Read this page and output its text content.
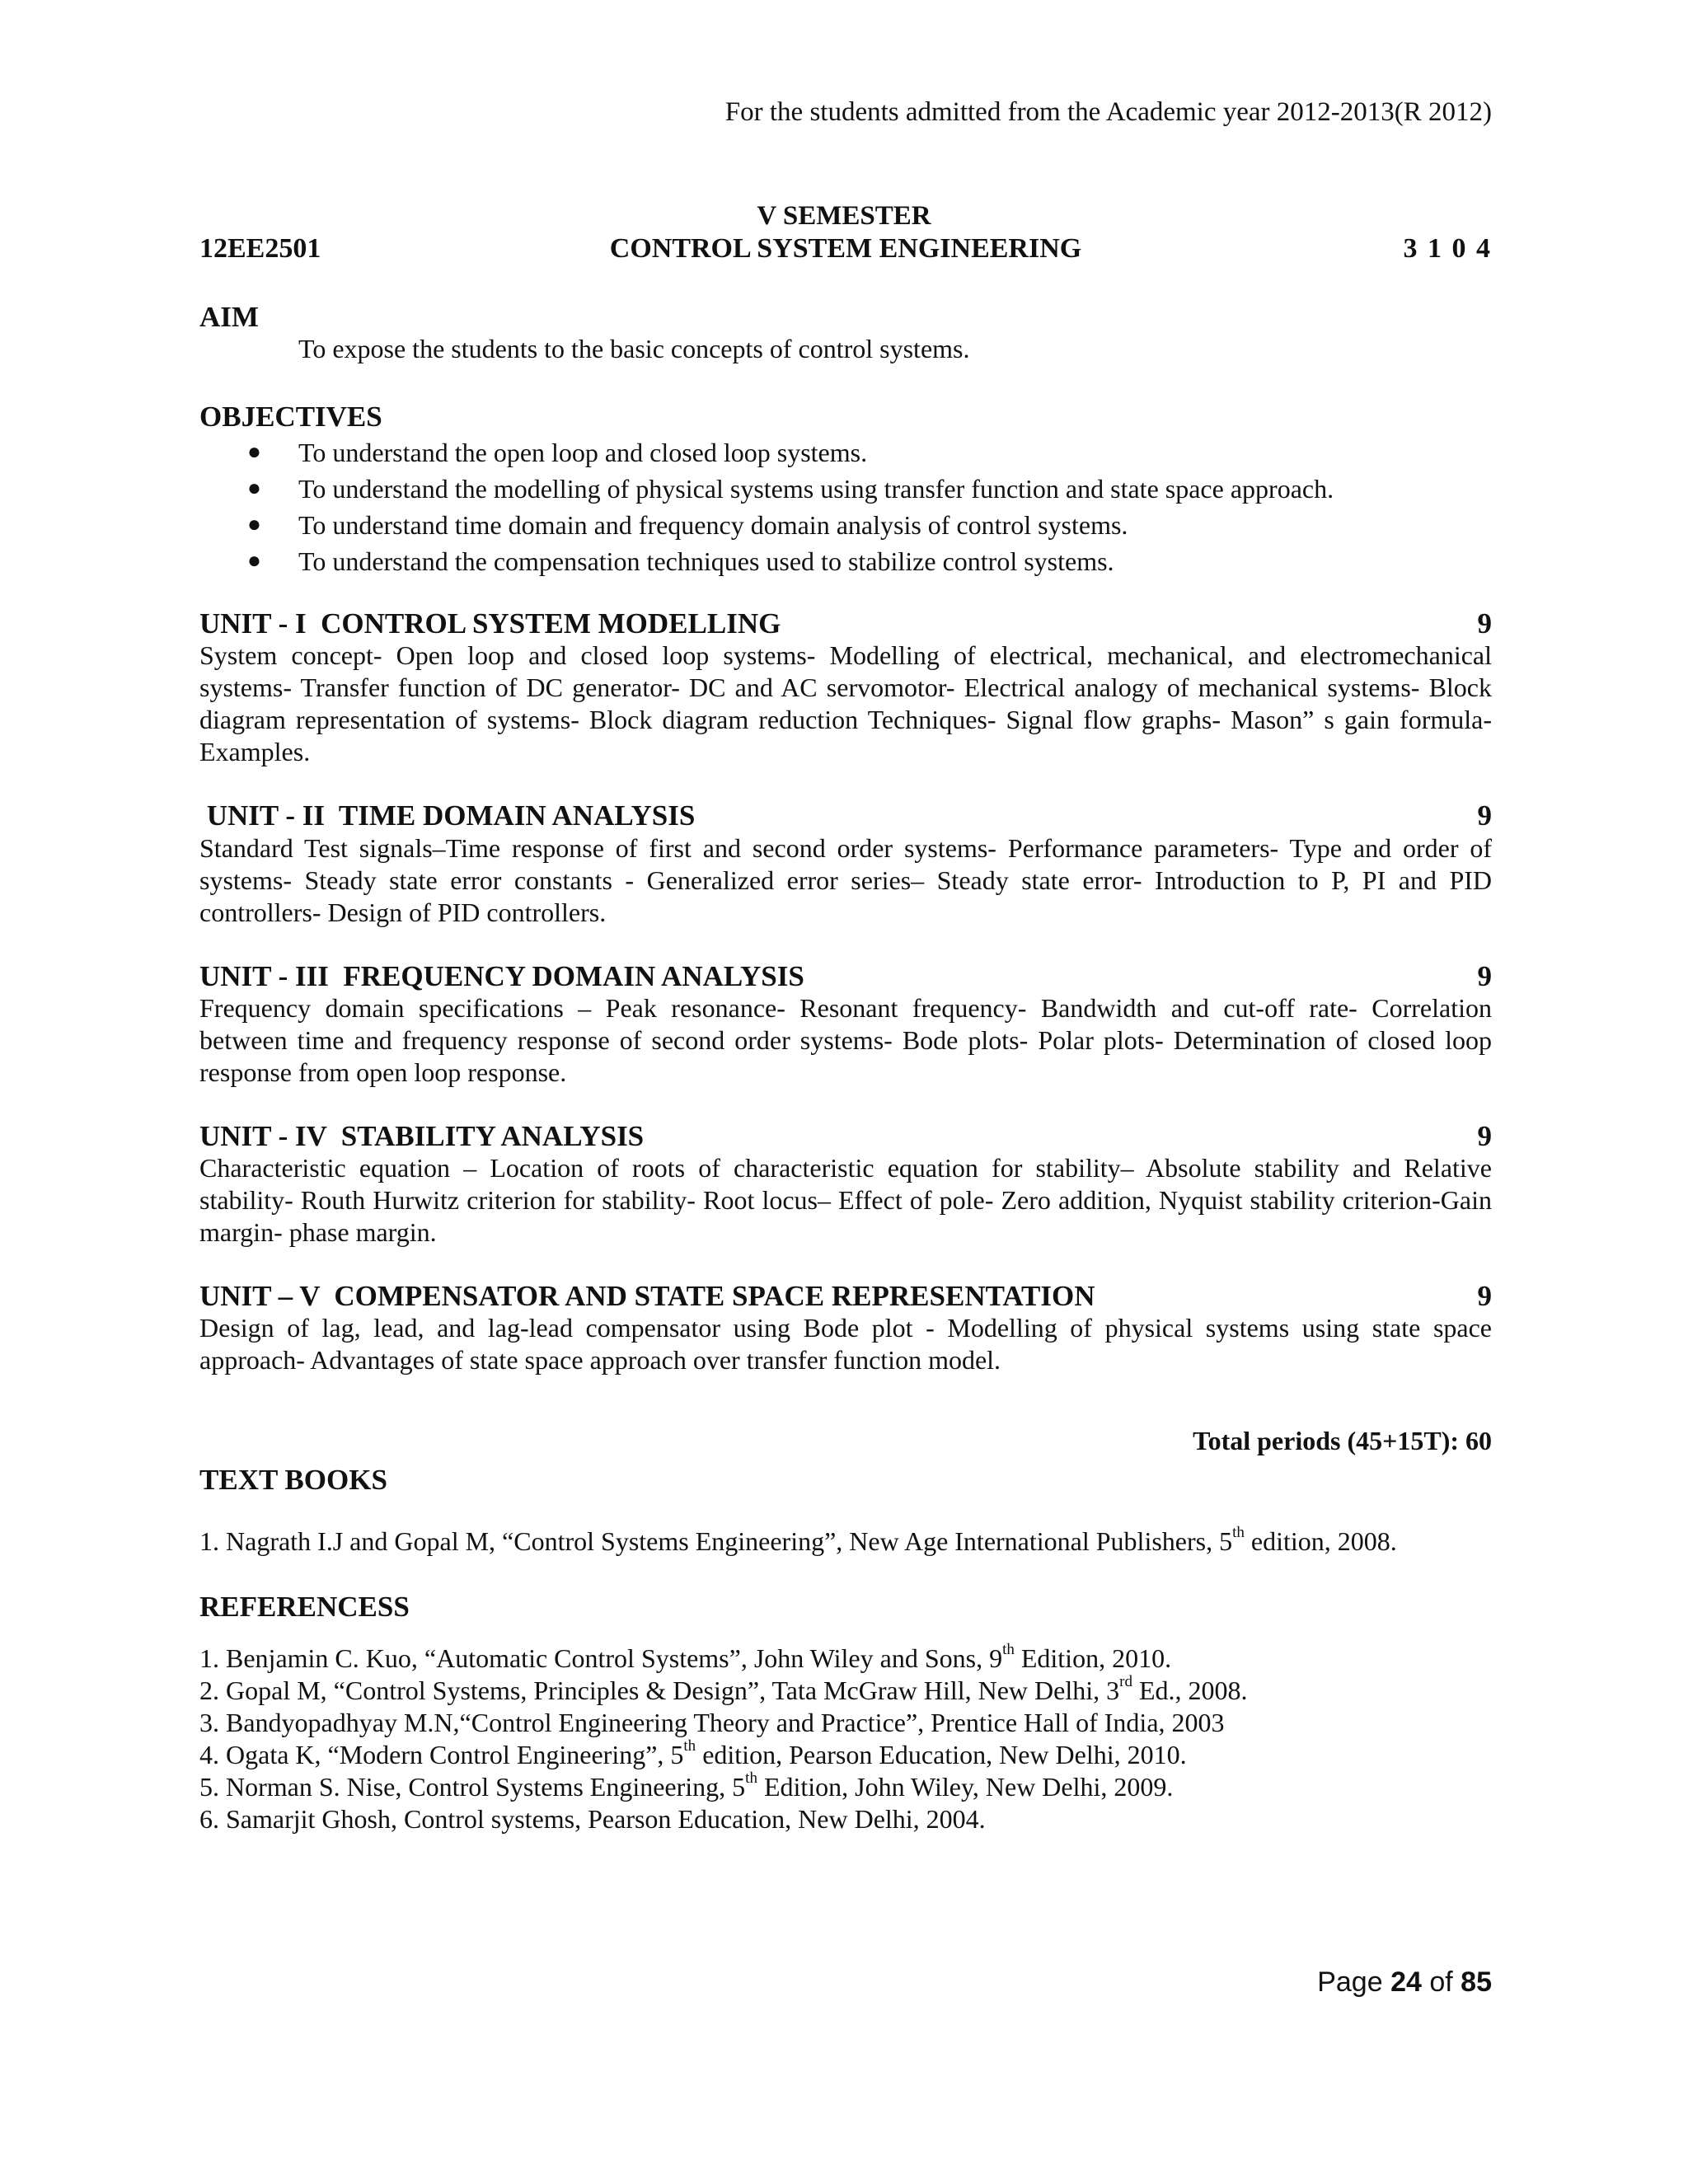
For the students admitted from the Academic year 2012-2013(R 2012)
V SEMESTER
12EE2501	CONTROL SYSTEM ENGINEERING	3 1 0 4
AIM
To expose the students to the basic concepts of control systems.
OBJECTIVES
● To understand the open loop and closed loop systems.
● To understand the modelling of physical systems using transfer function and state space approach.
● To understand time domain and frequency domain analysis of control systems.
● To understand the compensation techniques used to stabilize control systems.
UNIT - I  CONTROL SYSTEM MODELLING	9
System concept- Open loop and closed loop systems- Modelling of electrical, mechanical, and electromechanical systems- Transfer function of DC generator- DC and AC servomotor- Electrical analogy of mechanical systems- Block diagram representation of systems- Block diagram reduction Techniques- Signal flow graphs- Mason” s gain formula- Examples.
UNIT - II  TIME DOMAIN ANALYSIS	9
Standard Test signals–Time response of first and second order systems- Performance parameters- Type and order of systems- Steady state error constants - Generalized error series– Steady state error- Introduction to P, PI and PID controllers- Design of PID controllers.
UNIT - III  FREQUENCY DOMAIN ANALYSIS	9
Frequency domain specifications – Peak resonance- Resonant frequency- Bandwidth and cut-off rate- Correlation between time and frequency response of second order systems- Bode plots- Polar plots- Determination of closed loop response from open loop response.
UNIT - IV  STABILITY ANALYSIS	9
Characteristic equation – Location of roots of characteristic equation for stability– Absolute stability and Relative stability- Routh Hurwitz criterion for stability- Root locus– Effect of pole- Zero addition, Nyquist stability criterion-Gain margin- phase margin.
UNIT – V  COMPENSATOR AND STATE SPACE REPRESENTATION	9
Design of lag, lead, and lag-lead compensator using Bode plot - Modelling of physical systems using state space approach- Advantages of state space approach over transfer function model.
Total periods (45+15T): 60
TEXT BOOKS
1. Nagrath I.J and Gopal M, “Control Systems Engineering”, New Age International Publishers, 5th edition, 2008.
REFERENCESS
1. Benjamin C. Kuo, “Automatic Control Systems”, John Wiley and Sons, 9th Edition, 2010.
2. Gopal M, “Control Systems, Principles & Design”, Tata McGraw Hill, New Delhi, 3rd Ed., 2008.
3. Bandyopadhyay M.N,“Control Engineering Theory and Practice”, Prentice Hall of India, 2003
4. Ogata K, “Modern Control Engineering”, 5th edition, Pearson Education, New Delhi, 2010.
5. Norman S. Nise, Control Systems Engineering, 5th Edition, John Wiley, New Delhi, 2009.
6. Samarjit Ghosh, Control systems, Pearson Education, New Delhi, 2004.
Page 24 of 85
